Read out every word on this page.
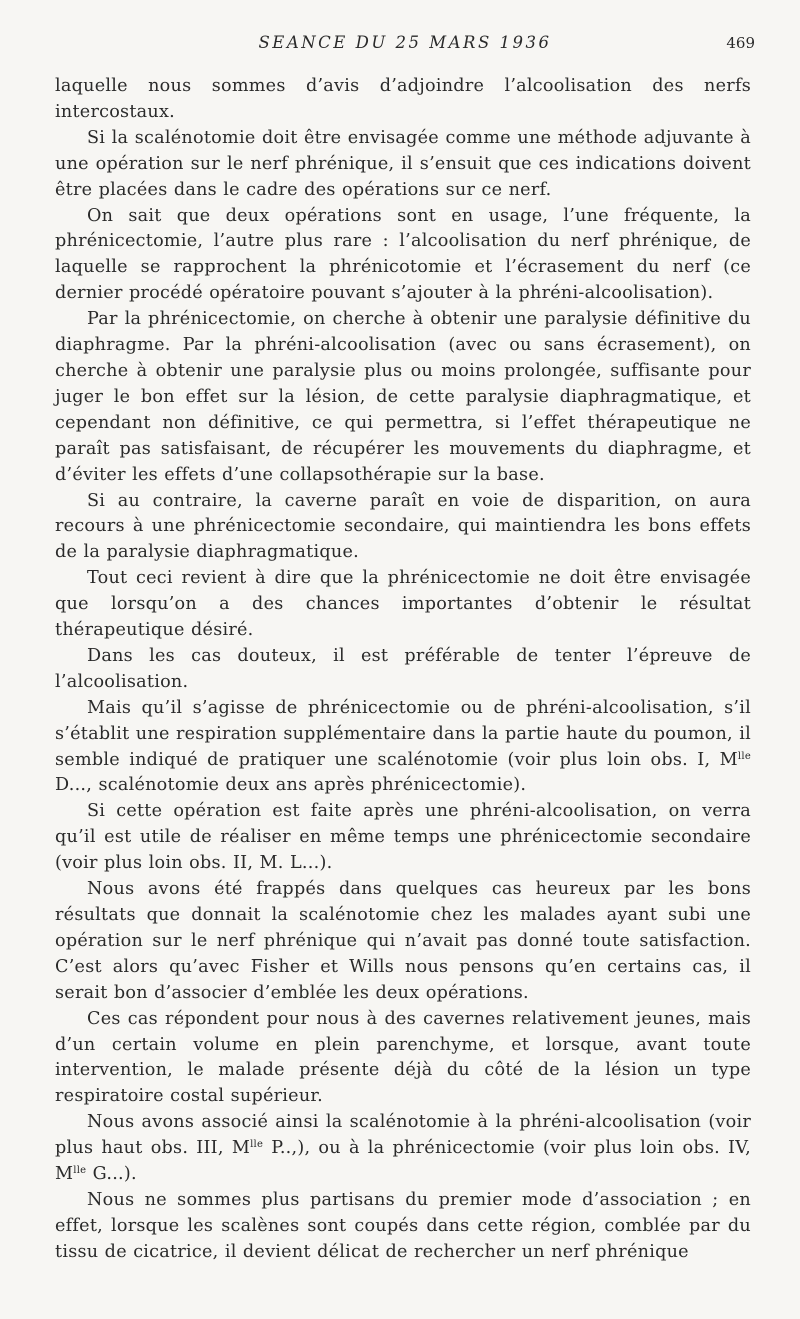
SEANCE DU 25 MARS 1936	469

laquelle nous sommes d’avis d’adjoindre l’alcoolisation des nerfs intercostaux.

Si la scalénotomie doit être envisagée comme une méthode adjuvante à une opération sur le nerf phrénique, il s’ensuit que ces indications doivent être placées dans le cadre des opérations sur ce nerf.

On sait que deux opérations sont en usage, l’une fréquente, la phrénicectomie, l’autre plus rare : l’alcoolisation du nerf phrénique, de laquelle se rapprochent la phrénicotomie et l’écrasement du nerf (ce dernier procédé opératoire pouvant s’ajouter à la phréni-alcoolisation).

Par la phrénicectomie, on cherche à obtenir une paralysie définitive du diaphragme. Par la phréni-alcoolisation (avec ou sans écrasement), on cherche à obtenir une paralysie plus ou moins prolongée, suffisante pour juger le bon effet sur la lésion, de cette paralysie diaphragmatique, et cependant non définitive, ce qui permettra, si l’effet thérapeutique ne paraît pas satisfaisant, de récupérer les mouvements du diaphragme, et d’éviter les effets d’une collapsothérapie sur la base.

Si au contraire, la caverne paraît en voie de disparition, on aura recours à une phrénicectomie secondaire, qui maintiendra les bons effets de la paralysie diaphragmatique.

Tout ceci revient à dire que la phrénicectomie ne doit être envisagée que lorsqu’on a des chances importantes d’obtenir le résultat thérapeutique désiré.

Dans les cas douteux, il est préférable de tenter l’épreuve de l’alcoolisation.

Mais qu’il s’agisse de phrénicectomie ou de phréni-alcoolisation, s’il s’établit une respiration supplémentaire dans la partie haute du poumon, il semble indiqué de pratiquer une scalénotomie (voir plus loin obs. I, $M^{lle}$ D..., scalénotomie deux ans après phrénicectomie).

Si cette opération est faite après une phréni-alcoolisation, on verra qu’il est utile de réaliser en même temps une phrénicectomie secondaire (voir plus loin obs. II, M. L...).

Nous avons été frappés dans quelques cas heureux par les bons résultats que donnait la scalénotomie chez les malades ayant subi une opération sur le nerf phrénique qui n’avait pas donné toute satisfaction. C’est alors qu’avec Fisher et Wills nous pensons qu’en certains cas, il serait bon d’associer d’emblée les deux opérations.

Ces cas répondent pour nous à des cavernes relativement jeunes, mais d’un certain volume en plein parenchyme, et lorsque, avant toute intervention, le malade présente déjà du côté de la lésion un type respiratoire costal supérieur.

Nous avons associé ainsi la scalénotomie à la phréni-alcoolisation (voir plus haut obs. III, $M^{lle}$ P..,), ou à la phrénicectomie (voir plus loin obs. IV, $M^{lle}$ G...).

Nous ne sommes plus partisans du premier mode d’association ; en effet, lorsque les scalènes sont coupés dans cette région, comblée par du tissu de cicatrice, il devient délicat de rechercher un nerf phrénique
